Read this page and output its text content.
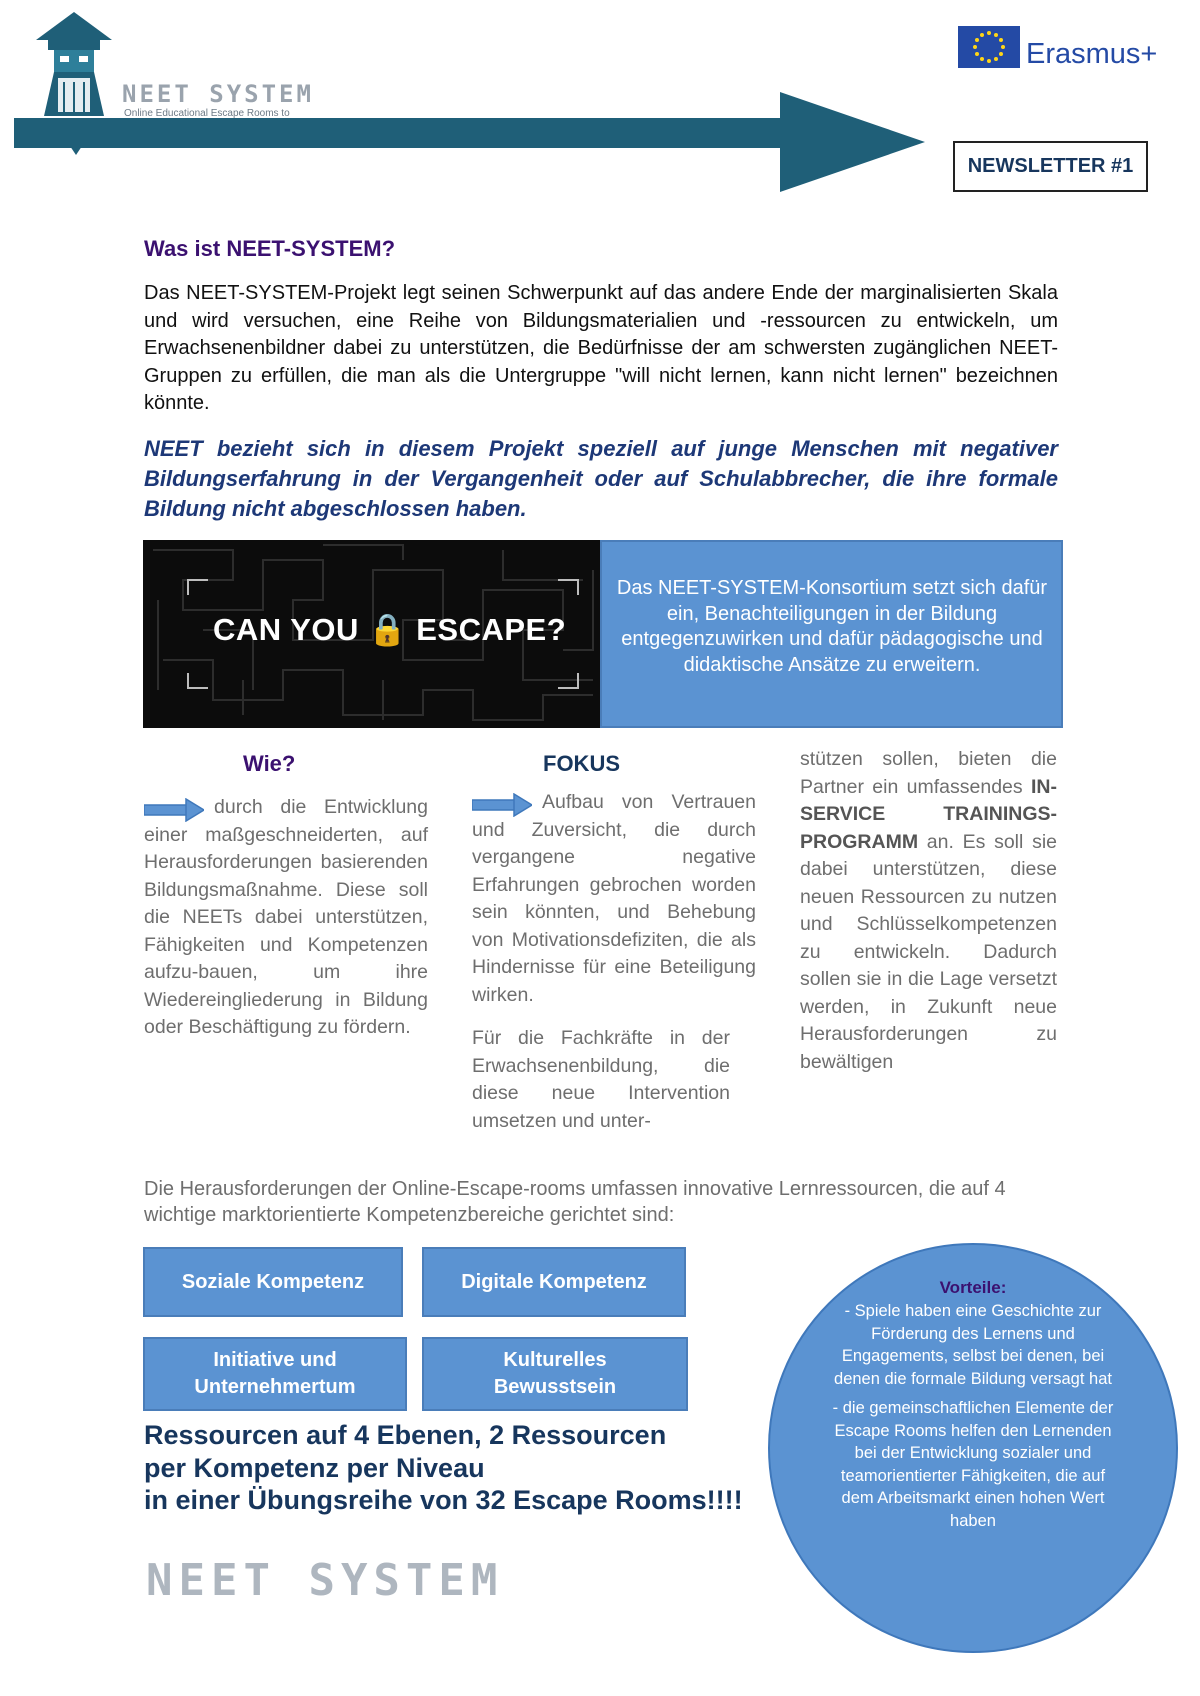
NEET SYSTEM
Online Educational Escape Rooms to
Erasmus+
NEWSLETTER #1
Was ist NEET-SYSTEM?
Das NEET-SYSTEM-Projekt legt seinen Schwerpunkt auf das andere Ende der marginalisierten Skala und wird versuchen, eine Reihe von Bildungsmaterialien und -ressourcen zu entwickeln, um Erwachsenenbildner dabei zu unterstützen, die Bedürfnisse der am schwersten zugänglichen NEET-Gruppen zu erfüllen, die man als die Untergruppe "will nicht lernen, kann nicht lernen" bezeichnen könnte.
NEET bezieht sich in diesem Projekt speziell auf junge Menschen mit negativer Bildungserfahrung in der Vergangenheit oder auf Schulabbrecher, die ihre formale Bildung nicht abgeschlossen haben.
CAN YOU 🔒 ESCAPE?
Das NEET-SYSTEM-Konsortium setzt sich dafür ein, Benachteiligungen in der Bildung entgegenzuwirken und dafür pädagogische und didaktische Ansätze zu erweitern.
Wie?
durch die Entwicklung einer maßgeschneiderten, auf Herausforderungen basierenden Bildungsmaßnahme. Diese soll die NEETs dabei unterstützen, Fähigkeiten und Kompetenzen aufzu-bauen, um ihre Wiedereingliederung in Bildung oder Beschäftigung zu fördern.
FOKUS
Aufbau von Vertrauen und Zuversicht, die durch vergangene negative Erfahrungen gebrochen worden sein könnten, und Behebung von Motivationsdefiziten, die als Hindernisse für eine Beteiligung wirken.
Für die Fachkräfte in der Erwachsenenbildung, die diese neue Intervention umsetzen und unter-
stützen sollen, bieten die Partner ein umfassendes IN-SERVICE TRAININGS-PROGRAMM an. Es soll sie dabei unterstützen, diese neuen Ressourcen zu nutzen und Schlüsselkompetenzen zu entwickeln. Dadurch sollen sie in die Lage versetzt werden, in Zukunft neue Herausforderungen zu bewältigen
Die Herausforderungen der Online-Escape-rooms umfassen innovative Lernressourcen, die auf 4 wichtige marktorientierte Kompetenzbereiche gerichtet sind:
Soziale Kompetenz	Digitale Kompetenz
Initiative und
Unternehmertum
Kulturelles
Bewusstsein
Ressourcen auf 4 Ebenen, 2 Ressourcen
per Kompetenz per Niveau
in einer Übungsreihe von 32 Escape Rooms!!!!
Vorteile:
- Spiele haben eine Geschichte zur Förderung des Lernens und Engagements, selbst bei denen, bei denen die formale Bildung versagt hat
- die gemeinschaftlichen Elemente der Escape Rooms helfen den Lernenden bei der Entwicklung sozialer und teamorientierter Fähigkeiten, die auf dem Arbeitsmarkt einen hohen Wert haben
NEET SYSTEM
